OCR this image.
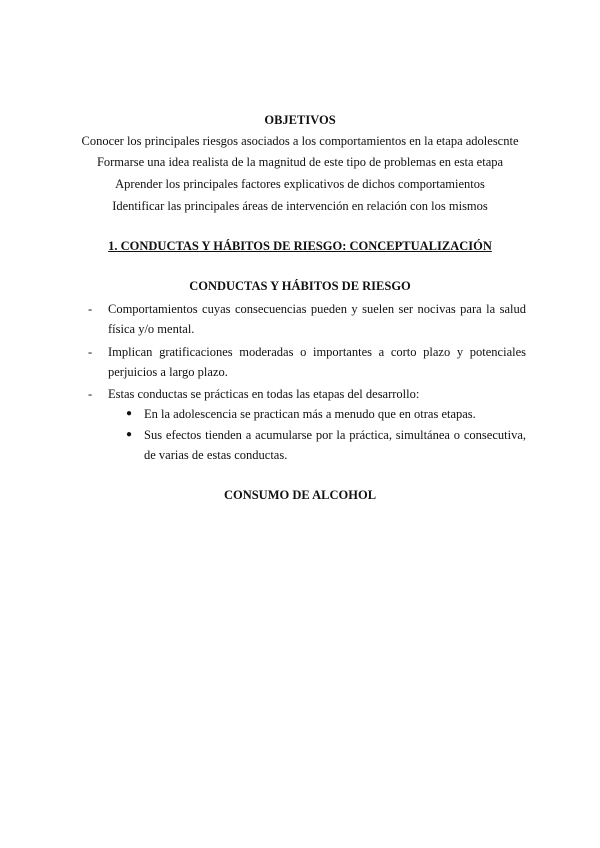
OBJETIVOS
Conocer los principales riesgos asociados a los comportamientos en la etapa adolescnte
Formarse una idea realista de la magnitud de este tipo de problemas en esta etapa
Aprender los principales factores explicativos de dichos comportamientos
Identificar las principales áreas de intervención en relación con los mismos
1. CONDUCTAS Y HÁBITOS DE RIESGO: CONCEPTUALIZACIÓN
CONDUCTAS Y HÁBITOS DE RIESGO
- Comportamientos cuyas consecuencias pueden y suelen ser nocivas para la salud física y/o mental.
- Implican gratificaciones moderadas o importantes a corto plazo y potenciales perjuicios a largo plazo.
- Estas conductas se prácticas en todas las etapas del desarrollo:
● En la adolescencia se practican más a menudo que en otras etapas.
● Sus efectos tienden a acumularse por la práctica, simultánea o consecutiva, de varias de estas conductas.
CONSUMO DE ALCOHOL
